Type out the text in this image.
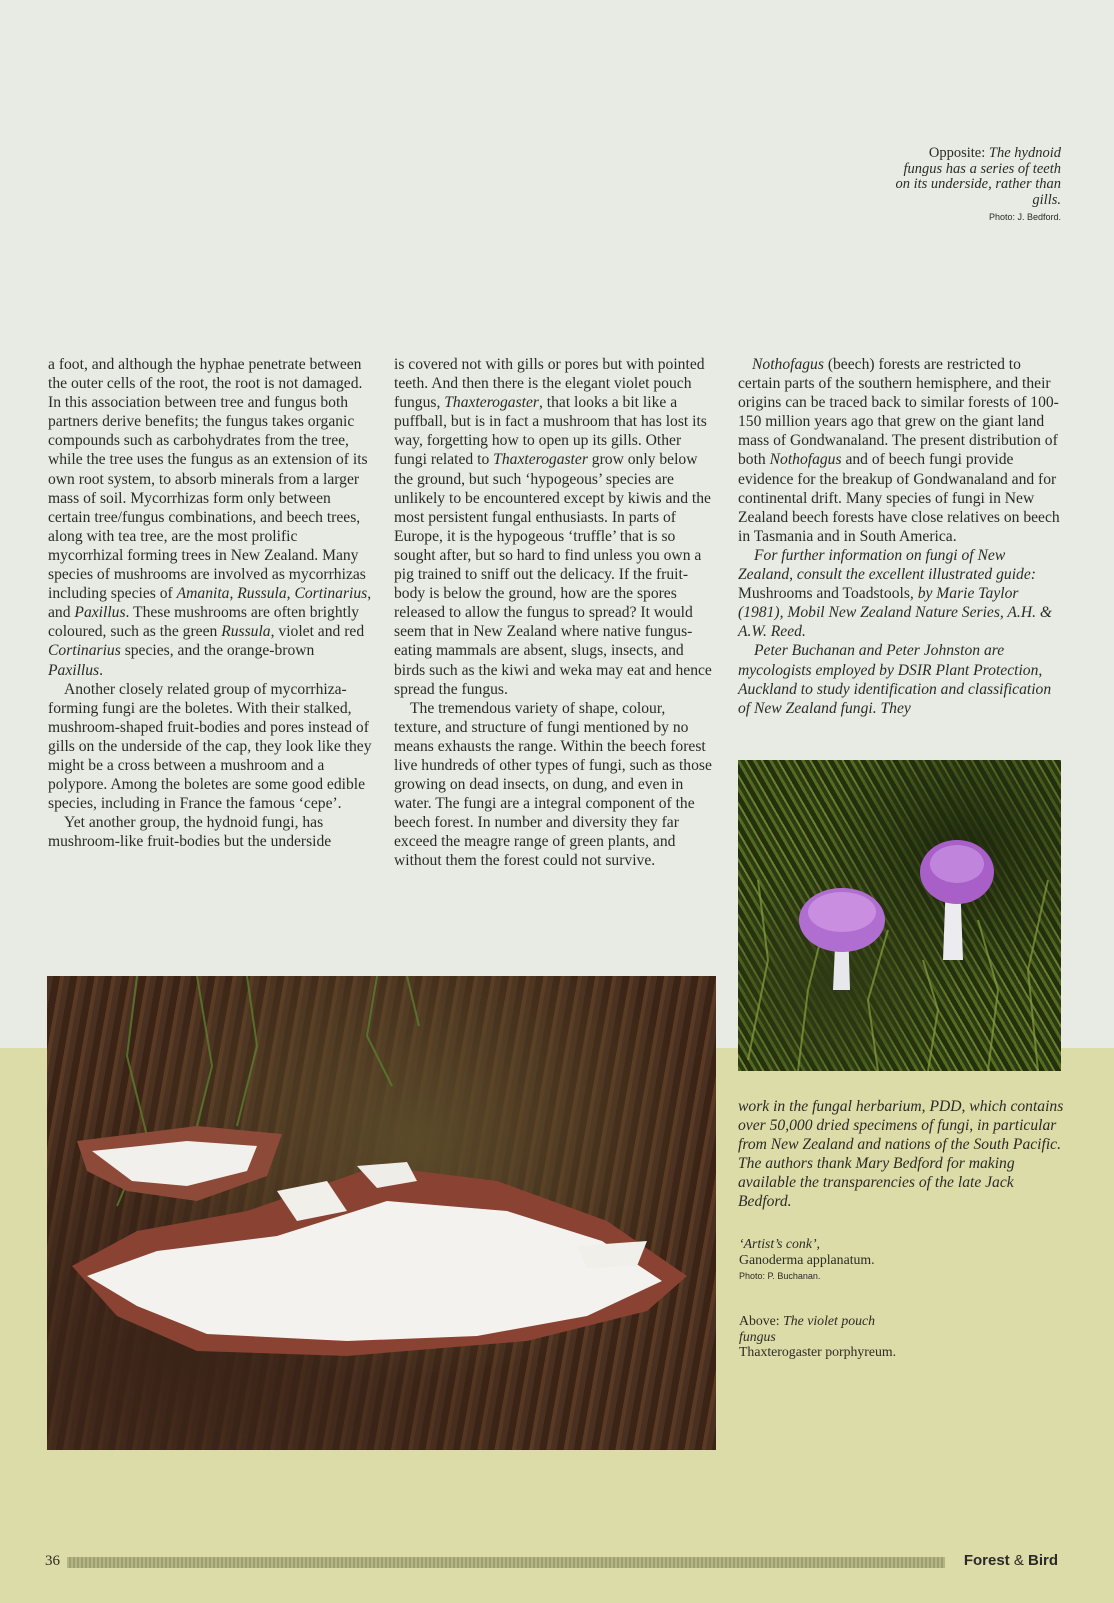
Opposite: The hydnoid fungus has a series of teeth on its underside, rather than gills.
Photo: J. Bedford.

a foot, and although the hyphae penetrate between the outer cells of the root, the root is not damaged. In this association between tree and fungus both partners derive benefits; the fungus takes organic compounds such as carbohydrates from the tree, while the tree uses the fungus as an extension of its own root system, to absorb minerals from a larger mass of soil. Mycorrhizas form only between certain tree/fungus combinations, and beech trees, along with tea tree, are the most prolific mycorrhizal forming trees in New Zealand. Many species of mushrooms are involved as mycorrhizas including species of Amanita, Russula, Cortinarius, and Paxillus. These mushrooms are often brightly coloured, such as the green Russula, violet and red Cortinarius species, and the orange-brown Paxillus.

Another closely related group of mycorrhiza-forming fungi are the boletes. With their stalked, mushroom-shaped fruit-bodies and pores instead of gills on the underside of the cap, they look like they might be a cross between a mushroom and a polypore. Among the boletes are some good edible species, including in France the famous ‘cepe’.

Yet another group, the hydnoid fungi, has mushroom-like fruit-bodies but the underside

is covered not with gills or pores but with pointed teeth. And then there is the elegant violet pouch fungus, Thaxterogaster, that looks a bit like a puffball, but is in fact a mushroom that has lost its way, forgetting how to open up its gills. Other fungi related to Thaxterogaster grow only below the ground, but such ‘hypogeous’ species are unlikely to be encountered except by kiwis and the most persistent fungal enthusiasts. In parts of Europe, it is the hypogeous ‘truffle’ that is so sought after, but so hard to find unless you own a pig trained to sniff out the delicacy. If the fruit-body is below the ground, how are the spores released to allow the fungus to spread? It would seem that in New Zealand where native fungus-eating mammals are absent, slugs, insects, and birds such as the kiwi and weka may eat and hence spread the fungus.

The tremendous variety of shape, colour, texture, and structure of fungi mentioned by no means exhausts the range. Within the beech forest live hundreds of other types of fungi, such as those growing on dead insects, on dung, and even in water. The fungi are a integral component of the beech forest. In number and diversity they far exceed the meagre range of green plants, and without them the forest could not survive.

Nothofagus (beech) forests are restricted to certain parts of the southern hemisphere, and their origins can be traced back to similar forests of 100-150 million years ago that grew on the giant land mass of Gondwanaland. The present distribution of both Nothofagus and of beech fungi provide evidence for the breakup of Gondwanaland and for continental drift. Many species of fungi in New Zealand beech forests have close relatives on beech in Tasmania and in South America.

For further information on fungi of New Zealand, consult the excellent illustrated guide: Mushrooms and Toadstools, by Marie Taylor (1981), Mobil New Zealand Nature Series, A.H. & A.W. Reed.

Peter Buchanan and Peter Johnston are mycologists employed by DSIR Plant Protection, Auckland to study identification and classification of New Zealand fungi. They

work in the fungal herbarium, PDD, which contains over 50,000 dried specimens of fungi, in particular from New Zealand and nations of the South Pacific. The authors thank Mary Bedford for making available the transparencies of the late Jack Bedford.

‘Artist’s conk’,
Ganoderma applanatum.
Photo: P. Buchanan.
Above: The violet pouch fungus
Thaxterogaster porphyreum.
36	Forest & Bird
